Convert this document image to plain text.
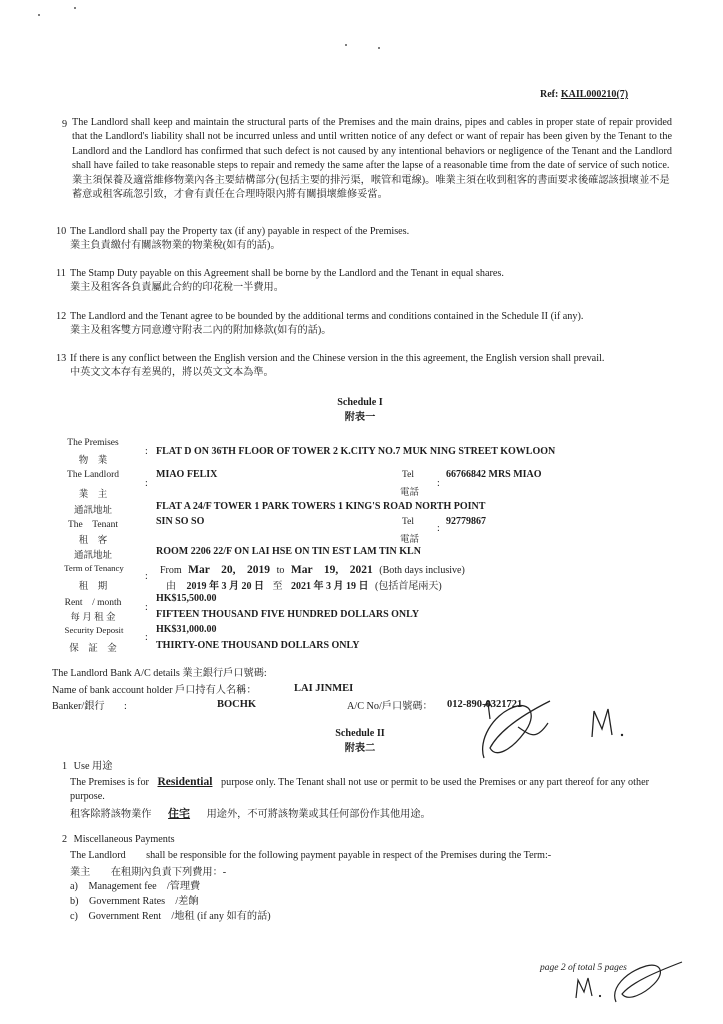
Ref: KAIL000210(7)
9 The Landlord shall keep and maintain the structural parts of the Premises and the main drains, pipes and cables in proper state of repair provided that the Landlord's liability shall not be incurred unless and until written notice of any defect or want of repair has been given by the Tenant to the Landlord and the Landlord has confirmed that such defect is not caused by any intentional behaviors or negligence of the Tenant and the Landlord shall have failed to take reasonable steps to repair and remedy the same after the lapse of a reasonable time from the date of service of such notice.
業主須保養及適當維修物業內各主要結構部分(包括主要的排污渠，喉管和電線)。唯業主須在收到租客的書面要求後確認該損壞並不是蓄意或租客疏忽引致，才會有責任在合理時限內將有關損壞維修妥當。
10 The Landlord shall pay the Property tax (if any) payable in respect of the Premises.
業主負責繳付有關該物業的物業稅(如有的話)。
11 The Stamp Duty payable on this Agreement shall be borne by the Landlord and the Tenant in equal shares.
業主及租客各負責屬此合約的印花稅一半費用。
12 The Landlord and the Tenant agree to be bounded by the additional terms and conditions contained in the Schedule II (if any).
業主及租客雙方同意遵守附表二內的附加條款(如有的話)。
13 If there is any conflict between the English version and the Chinese version in the this agreement, the English version shall prevail.
中英文文本存有差異的，將以英文文本為準。
Schedule I
附表一
The Premises
物　業
: FLAT D ON 36TH FLOOR OF TOWER 2 K.CITY NO.7 MUK NING STREET KOWLOON
The Landlord
業　主
:
MIAO FELIX	Tel
電話
:
66766842 MRS MIAO
通訊地址	FLAT A 24/F TOWER 1 PARK TOWERS 1 KING'S ROAD NORTH POINT
The　Tenant
租　客
SIN SO SO	Tel
電話
:
92779867
通訊地址	ROOM 2206 22/F ON LAI HSE ON TIN EST LAM TIN KLN
Term of Tenancy
租　期
:
From Mar　20,　2019 to Mar　19,　2021 (Both days inclusive)
由 2019 年 3 月 20 日 至 2021 年 3 月 19 日 (包括首尾兩天)
Rent　/ month
每 月 租 金
:
HK$15,500.00
FIFTEEN THOUSAND FIVE HUNDRED DOLLARS ONLY
Security Deposit
保　証　金
:
HK$31,000.00
THIRTY-ONE THOUSAND DOLLARS ONLY
The Landlord Bank A/C details 業主銀行戶口號碼:
Name of bank account holder 戶口持有人名稱：	LAI JINMEI
Banker/銀行 :	BOCHK	A/C No/戶口號碼： 012-890-0321721
Schedule II
附表二
1 Use 用途
The Premises is for Residential purpose only. The Tenant shall not use or permit to be used the Premises or any part thereof for any other purpose.
租客除將該物業作 住宅 用途外，不可將該物業或其任何部份作其他用途。
2 Miscellaneous Payments
The Landlord　　shall be responsible for the following payment payable in respect of the Premises during the Term:-
業主　　在租期內負責下列費用：-
a) Management fee　/管理費
b) Government Rates　/差餉
c) Government Rent　/地租 (if any 如有的話)
page 2 of total 5 pages
